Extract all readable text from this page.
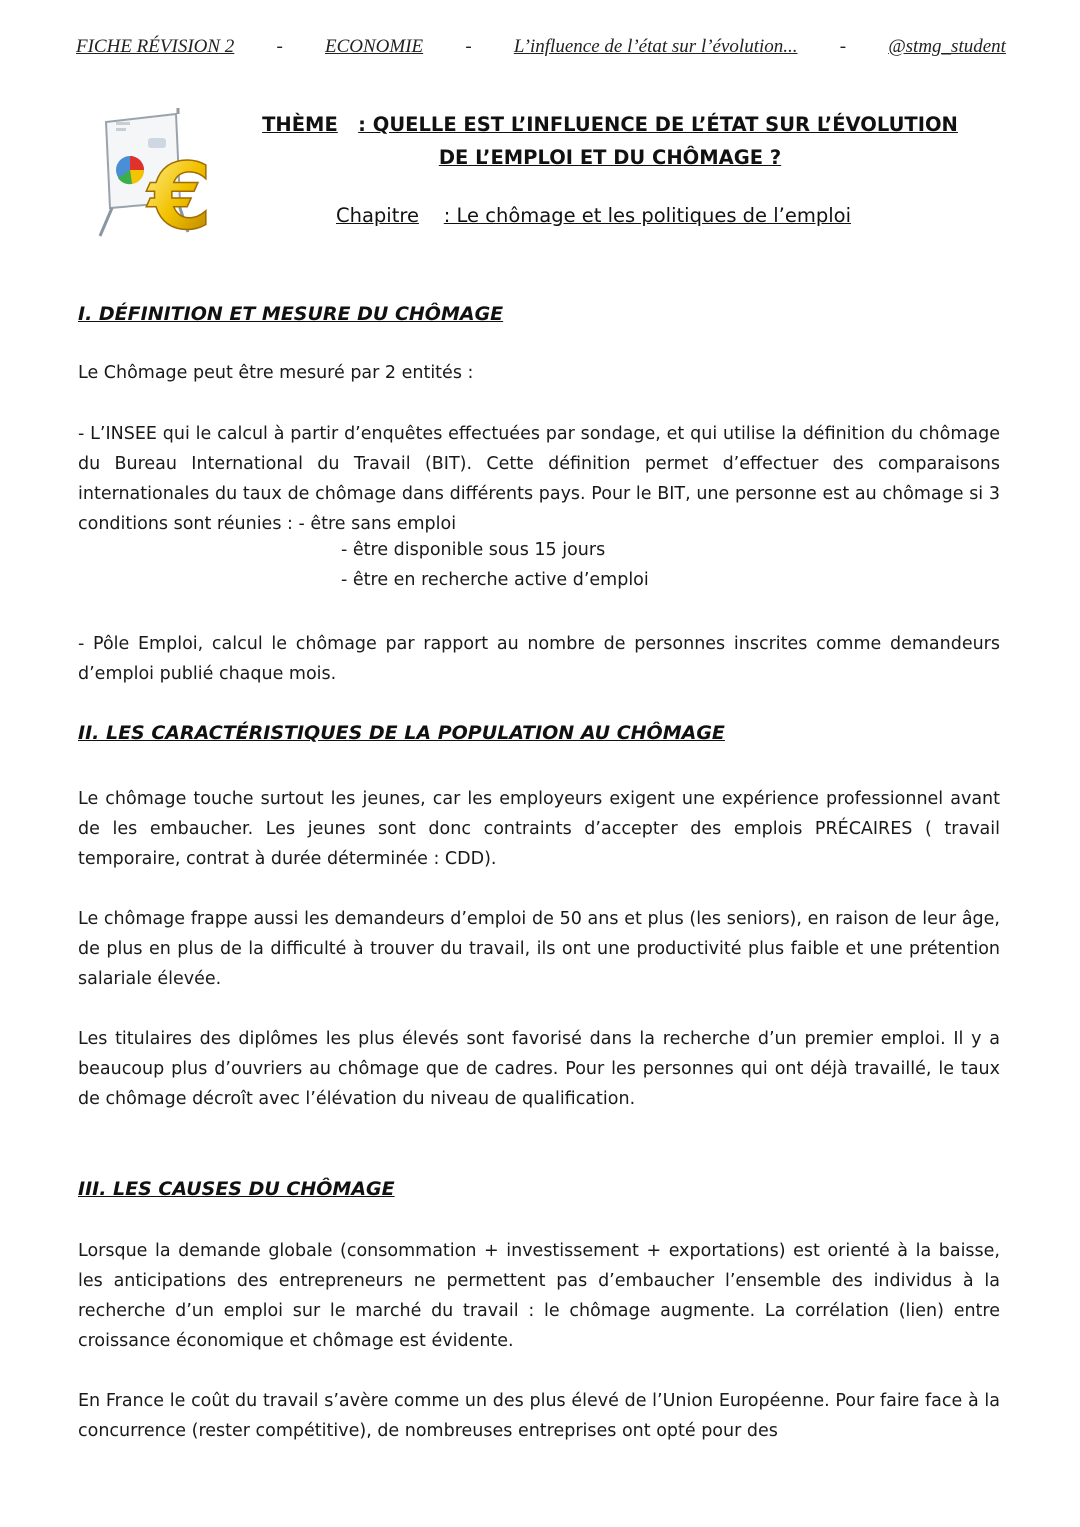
FICHE RÉVISION 2 - ECONOMIE - L’influence de l’état sur l’évolution... - @stmg_student
€
THÈME : QUELLE EST L’INFLUENCE DE L’ÉTAT SUR L’ÉVOLUTION
DE L’EMPLOI ET DU CHÔMAGE ?
Chapitre : Le chômage et les politiques de l’emploi
I. DÉFINITION ET MESURE DU CHÔMAGE
Le Chômage peut être mesuré par 2 entités :
- L’INSEE qui le calcul à partir d’enquêtes effectuées par sondage, et qui utilise la définition du chômage du Bureau International du Travail (BIT). Cette définition permet d’effectuer des comparaisons internationales du taux de chômage dans différents pays. Pour le BIT, une personne est au chômage si 3 conditions sont réunies : - être sans emploi
- être disponible sous 15 jours
- être en recherche active d’emploi
- Pôle Emploi, calcul le chômage par rapport au nombre de personnes inscrites comme demandeurs d’emploi publié chaque mois.
II. LES CARACTÉRISTIQUES DE LA POPULATION AU CHÔMAGE
Le chômage touche surtout les jeunes, car les employeurs exigent une expérience professionnel avant de les embaucher. Les jeunes sont donc contraints d’accepter des emplois PRÉCAIRES ( travail temporaire, contrat à durée déterminée : CDD).
Le chômage frappe aussi les demandeurs d’emploi de 50 ans et plus (les seniors), en raison de leur âge, de plus en plus de la difficulté à trouver du travail, ils ont une productivité plus faible et une prétention salariale élevée.
Les titulaires des diplômes les plus élevés sont favorisé dans la recherche d’un premier emploi. Il y a beaucoup plus d’ouvriers au chômage que de cadres. Pour les personnes qui ont déjà travaillé, le taux de chômage décroît avec l’élévation du niveau de qualification.
III. LES CAUSES DU CHÔMAGE
Lorsque la demande globale (consommation + investissement + exportations) est orienté à la baisse, les anticipations des entrepreneurs ne permettent pas d’embaucher l’ensemble des individus à la recherche d’un emploi sur le marché du travail : le chômage augmente. La corrélation (lien) entre croissance économique et chômage est évidente.
En France le coût du travail s’avère comme un des plus élevé de l’Union Européenne. Pour faire face à la concurrence (rester compétitive), de nombreuses entreprises ont opté pour des
